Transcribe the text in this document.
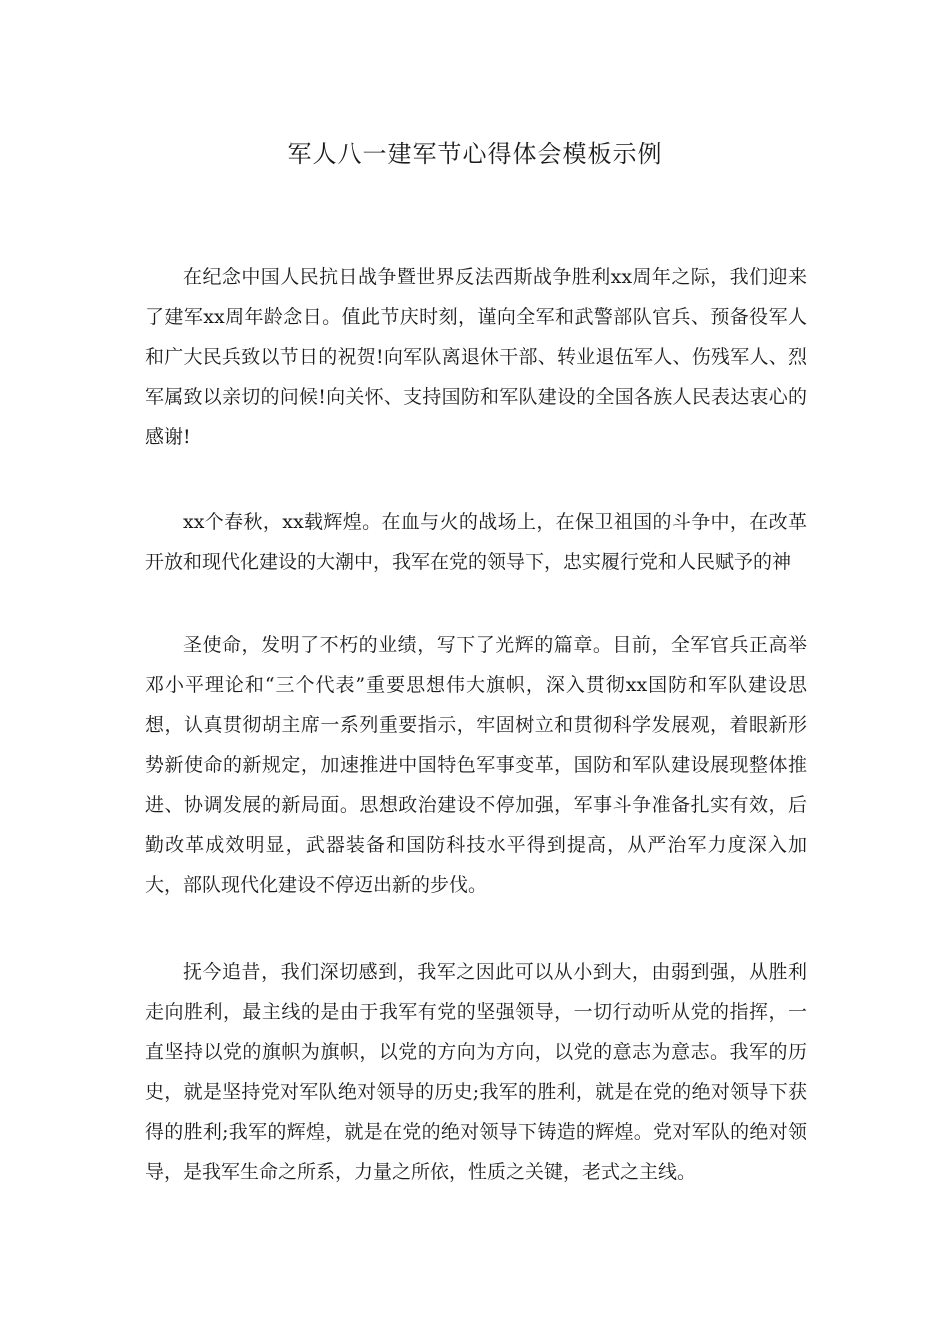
军人八一建军节心得体会模板示例

在纪念中国人民抗日战争暨世界反法西斯战争胜利xx周年之际，我们迎来了建军xx周年龄念日。值此节庆时刻，谨向全军和武警部队官兵、预备役军人和广大民兵致以节日的祝贺!向军队离退休干部、转业退伍军人、伤残军人、烈军属致以亲切的问候!向关怀、支持国防和军队建设的全国各族人民表达衷心的感谢!

xx个春秋，xx载辉煌。在血与火的战场上，在保卫祖国的斗争中，在改革开放和现代化建设的大潮中，我军在党的领导下，忠实履行党和人民赋予的神

圣使命，发明了不朽的业绩，写下了光辉的篇章。目前，全军官兵正高举邓小平理论和“三个代表”重要思想伟大旗帜，深入贯彻xx国防和军队建设思想，认真贯彻胡主席一系列重要指示，牢固树立和贯彻科学发展观，着眼新形势新使命的新规定，加速推进中国特色军事变革，国防和军队建设展现整体推进、协调发展的新局面。思想政治建设不停加强，军事斗争准备扎实有效，后勤改革成效明显，武器装备和国防科技水平得到提高，从严治军力度深入加大，部队现代化建设不停迈出新的步伐。

抚今追昔，我们深切感到，我军之因此可以从小到大，由弱到强，从胜利走向胜利，最主线的是由于我军有党的坚强领导，一切行动听从党的指挥，一直坚持以党的旗帜为旗帜，以党的方向为方向，以党的意志为意志。我军的历史，就是坚持党对军队绝对领导的历史;我军的胜利，就是在党的绝对领导下获得的胜利;我军的辉煌，就是在党的绝对领导下铸造的辉煌。党对军队的绝对领导，是我军生命之所系，力量之所依，性质之关键，老式之主线。
